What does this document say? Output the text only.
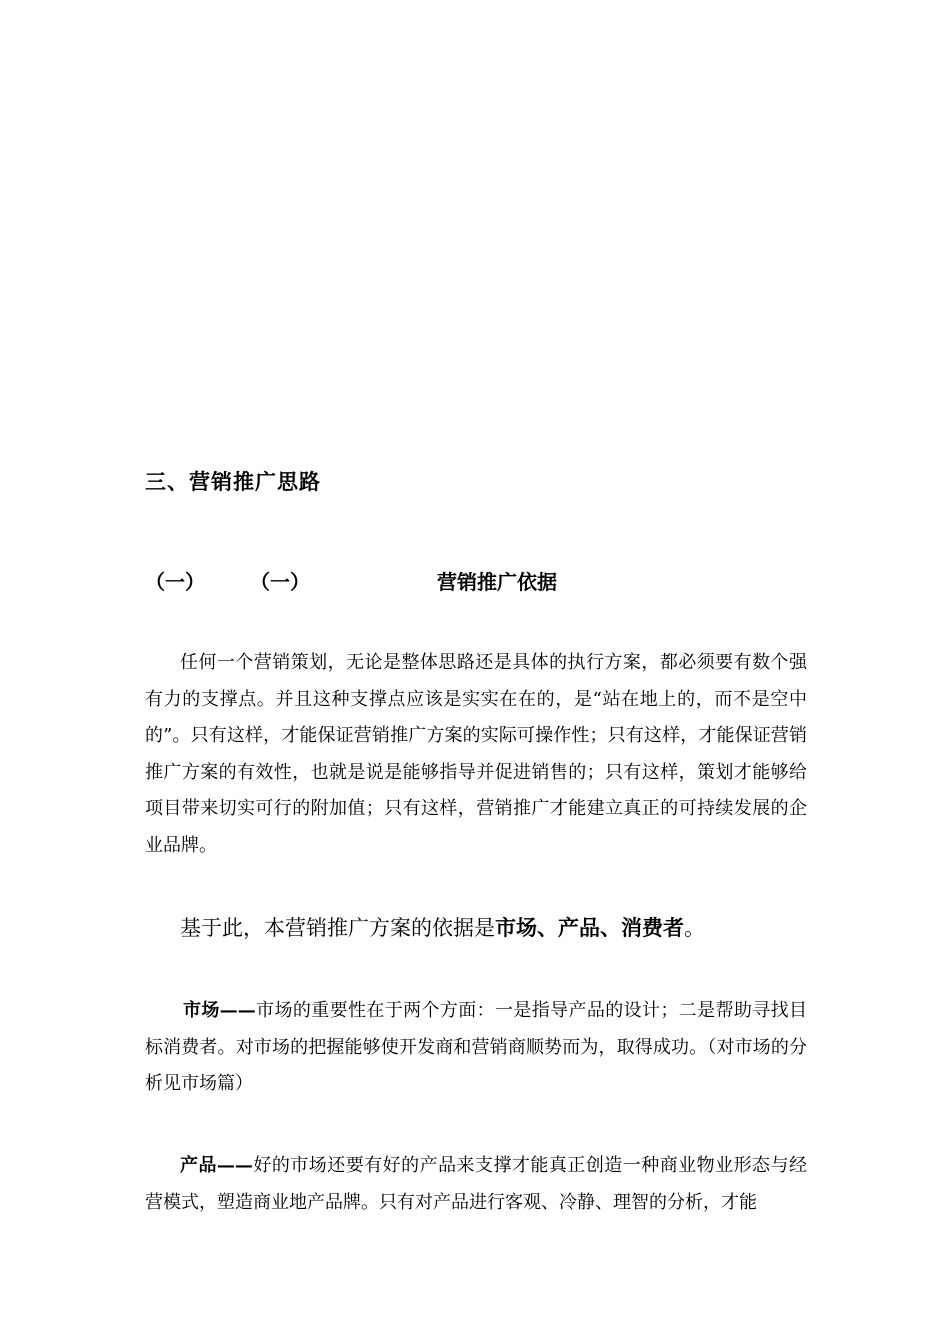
三、营销推广思路
（一） （一）	营销推广依据

任何一个营销策划，无论是整体思路还是具体的执行方案，都必须要有数个强有力的支撑点。并且这种支撑点应该是实实在在的，是“站在地上的，而不是空中的”。只有这样，才能保证营销推广方案的实际可操作性；只有这样，才能保证营销推广方案的有效性，也就是说是能够指导并促进销售的；只有这样，策划才能够给项目带来切实可行的附加值；只有这样，营销推广才能建立真正的可持续发展的企业品牌。

基于此，本营销推广方案的依据是市场、产品、消费者。

市场——市场的重要性在于两个方面：一是指导产品的设计；二是帮助寻找目标消费者。对市场的把握能够使开发商和营销商顺势而为，取得成功。（对市场的分析见市场篇）

产品——好的市场还要有好的产品来支撑才能真正创造一种商业物业形态与经营模式，塑造商业地产品牌。只有对产品进行客观、冷静、理智的分析，才能
